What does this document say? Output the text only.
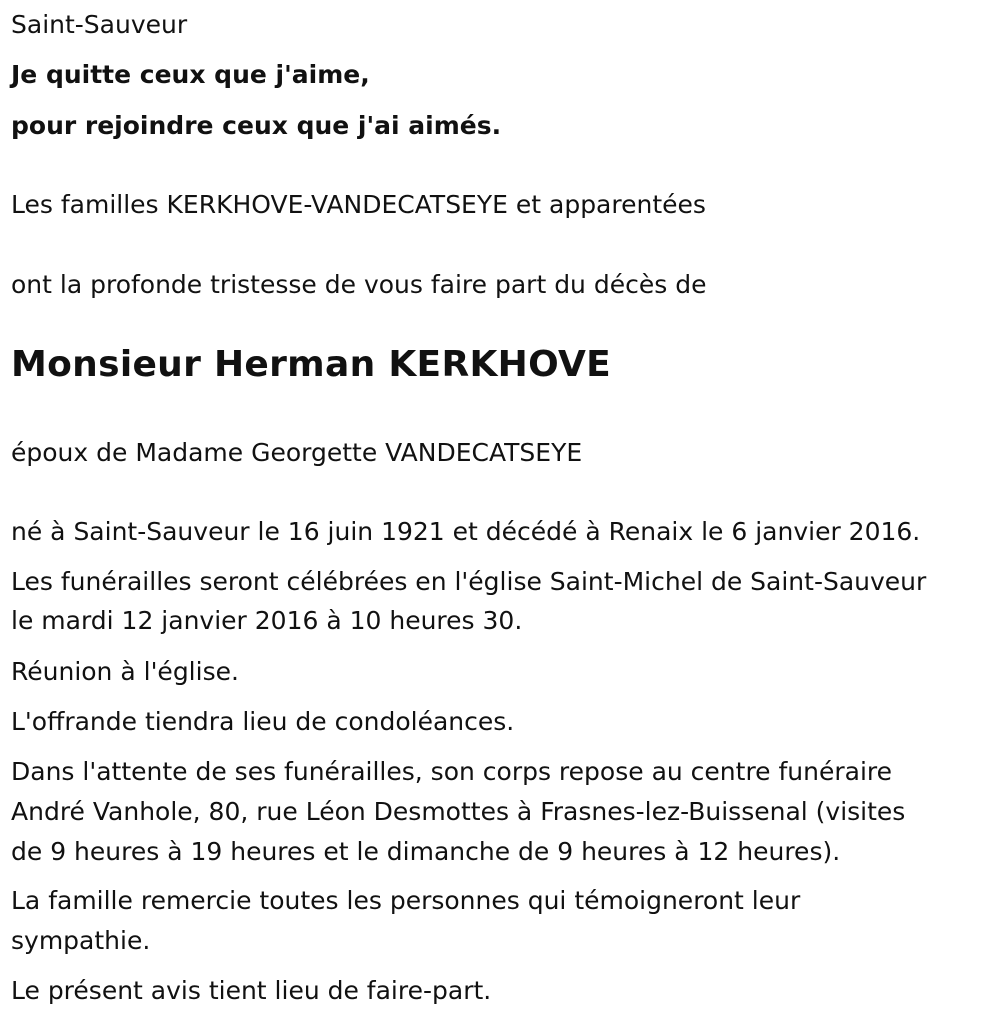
Saint-Sauveur
Je quitte ceux que j'aime,
pour rejoindre ceux que j'ai aimés.
Les familles KERKHOVE-VANDECATSEYE et apparentées
ont la profonde tristesse de vous faire part du décès de
Monsieur Herman KERKHOVE
époux de Madame Georgette VANDECATSEYE
né à Saint-Sauveur le 16 juin 1921 et décédé à Renaix le 6 janvier 2016.
Les funérailles seront célébrées en l'église Saint-Michel de Saint-Sauveur
le mardi 12 janvier 2016 à 10 heures 30.
Réunion à l'église.
L'offrande tiendra lieu de condoléances.
Dans l'attente de ses funérailles, son corps repose au centre funéraire
André Vanhole, 80, rue Léon Desmottes à Frasnes-lez-Buissenal (visites
de 9 heures à 19 heures et le dimanche de 9 heures à 12 heures).
La famille remercie toutes les personnes qui témoigneront leur
sympathie.
Le présent avis tient lieu de faire-part.
